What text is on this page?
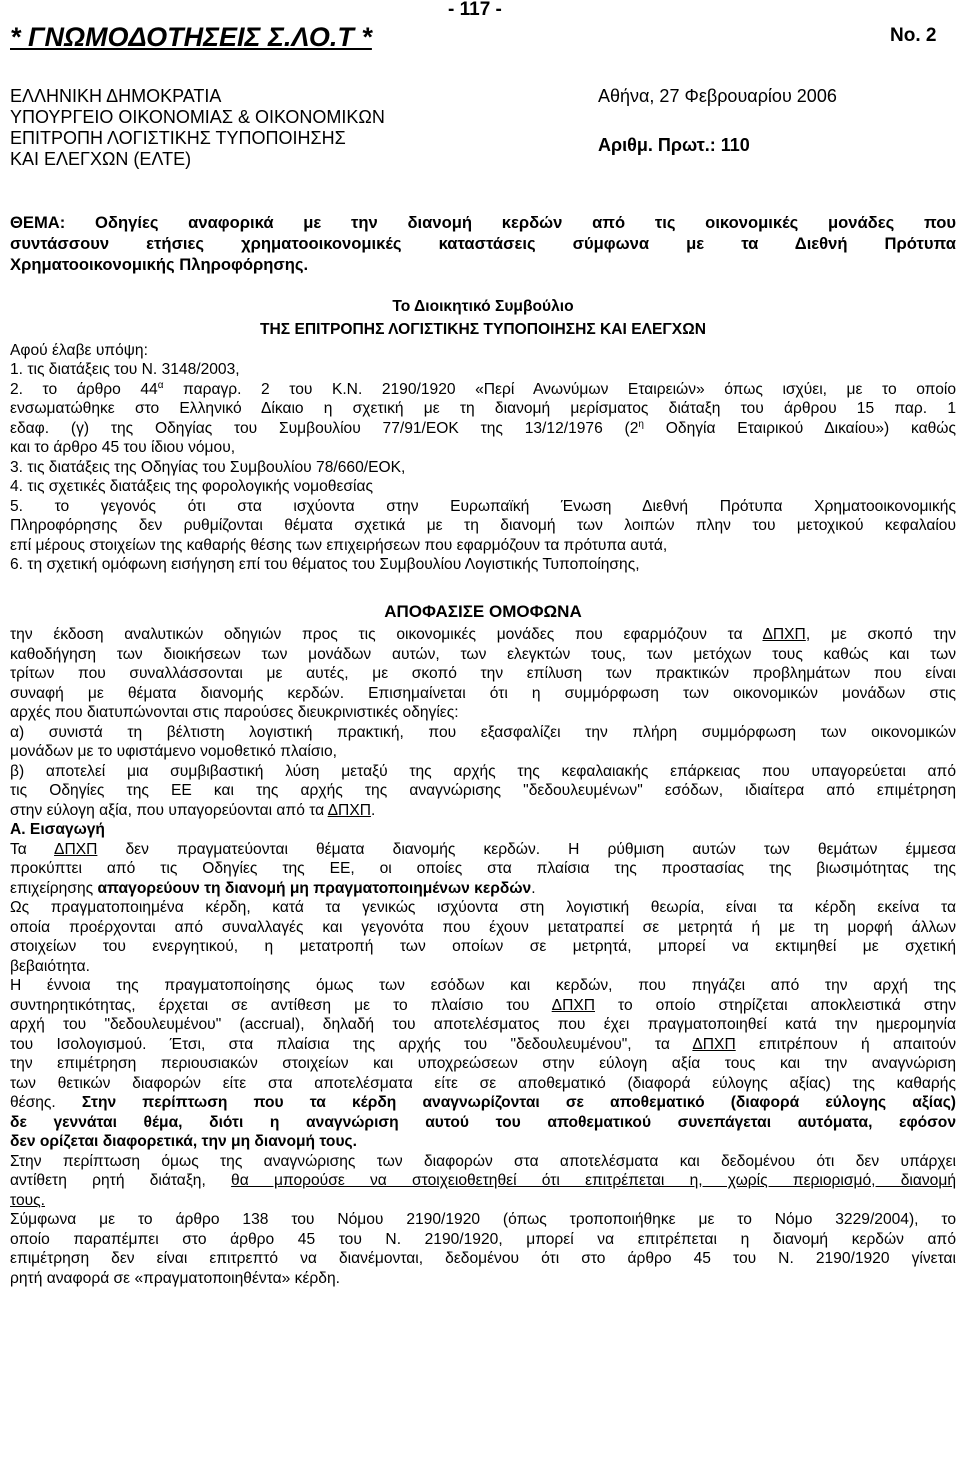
- 117 -
* ΓΝΩΜΟΔΟΤΗΣΕΙΣ Σ.ΛΟ.Τ *	No. 2
ΕΛΛΗΝΙΚΗ ΔΗΜΟΚΡΑΤΙΑ
ΥΠΟΥΡΓΕΙΟ ΟΙΚΟΝΟΜΙΑΣ & ΟΙΚΟΝΟΜΙΚΩΝ
ΕΠΙΤΡΟΠΗ ΛΟΓΙΣΤΙΚΗΣ ΤΥΠΟΠΟΙΗΣΗΣ
ΚΑΙ ΕΛΕΓΧΩΝ (ΕΛΤΕ)
Αθήνα, 27 Φεβρουαρίου 2006
Αριθμ. Πρωτ.: 110
ΘΕΜΑ: Οδηγίες αναφορικά με την διανομή κερδών από τις οικονομικές μονάδες που
συντάσσουν ετήσιες χρηματοοικονομικές καταστάσεις σύμφωνα με τα Διεθνή Πρότυπα
Χρηματοοικονομικής Πληροφόρησης.
Το Διοικητικό Συμβούλιο
ΤΗΣ ΕΠΙΤΡΟΠΗΣ ΛΟΓΙΣΤΙΚΗΣ ΤΥΠΟΠΟΙΗΣΗΣ ΚΑΙ ΕΛΕΓΧΩΝ
Αφού έλαβε υπόψη:
1. τις διατάξεις του Ν. 3148/2003,
2. το άρθρο $44^\alpha$ παραγρ. 2 του Κ.Ν. 2190/1920 «Περί Ανωνύμων Εταιρειών» όπως ισχύει, με το οποίο
ενσωματώθηκε στο Ελληνικό Δίκαιο η σχετική με τη διανομή μερίσματος διάταξη του άρθρου 15 παρ. 1
εδαφ. (γ) της Οδηγίας του Συμβουλίου 77/91/ΕΟΚ της 13/12/1976 ($2^\eta$ Οδηγία Εταιρικού Δικαίου») καθώς
και το άρθρο 45 του ίδιου νόμου,
3. τις διατάξεις της Οδηγίας του Συμβουλίου 78/660/ΕΟΚ,
4. τις σχετικές διατάξεις της φορολογικής νομοθεσίας
5. το γεγονός ότι στα ισχύοντα στην Ευρωπαϊκή Ένωση Διεθνή Πρότυπα Χρηματοοικονομικής
Πληροφόρησης δεν ρυθμίζονται θέματα σχετικά με τη διανομή των λοιπών πλην του μετοχικού κεφαλαίου
επί μέρους στοιχείων της καθαρής θέσης των επιχειρήσεων που εφαρμόζουν τα πρότυπα αυτά,
6. τη σχετική ομόφωνη εισήγηση επί του θέματος του Συμβουλίου Λογιστικής Τυποποίησης,
ΑΠΟΦΑΣΙΣΕ ΟΜΟΦΩΝΑ
την έκδοση αναλυτικών οδηγιών προς τις οικονομικές μονάδες που εφαρμόζουν τα ΔΠΧΠ, με σκοπό την
καθοδήγηση των διοικήσεων των μονάδων αυτών, των ελεγκτών τους, των μετόχων τους καθώς και των
τρίτων που συναλλάσσονται με αυτές, με σκοπό την επίλυση των πρακτικών προβλημάτων που είναι
συναφή με θέματα διανομής κερδών. Επισημαίνεται ότι η συμμόρφωση των οικονομικών μονάδων στις
αρχές που διατυπώνονται στις παρούσες διευκρινιστικές οδηγίες:
α) συνιστά τη βέλτιστη λογιστική πρακτική, που εξασφαλίζει την πλήρη συμμόρφωση των οικονομικών
μονάδων με το υφιστάμενο νομοθετικό πλαίσιο,
β) αποτελεί μια συμβιβαστική λύση μεταξύ της αρχής της κεφαλαιακής επάρκειας που υπαγορεύεται από
τις Οδηγίες της ΕΕ και της αρχής της αναγνώρισης "δεδουλευμένων" εσόδων, ιδιαίτερα από επιμέτρηση
στην εύλογη αξία, που υπαγορεύονται από τα ΔΠΧΠ.
Α. Εισαγωγή
Τα ΔΠΧΠ δεν πραγματεύονται θέματα διανομής κερδών. Η ρύθμιση αυτών των θεμάτων έμμεσα
προκύπτει από τις Οδηγίες της ΕΕ, οι οποίες στα πλαίσια της προστασίας της βιωσιμότητας της
επιχείρησης απαγορεύουν τη διανομή μη πραγματοποιημένων κερδών.
Ως πραγματοποιημένα κέρδη, κατά τα γενικώς ισχύοντα στη λογιστική θεωρία, είναι τα κέρδη εκείνα τα
οποία προέρχονται από συναλλαγές και γεγονότα που έχουν μετατραπεί σε μετρητά ή με τη μορφή άλλων
στοιχείων του ενεργητικού, η μετατροπή των οποίων σε μετρητά, μπορεί να εκτιμηθεί με σχετική
βεβαιότητα.
Η έννοια της πραγματοποίησης όμως των εσόδων και κερδών, που πηγάζει από την αρχή της
συντηρητικότητας, έρχεται σε αντίθεση με το πλαίσιο του ΔΠΧΠ το οποίο στηρίζεται αποκλειστικά στην
αρχή του "δεδουλευμένου" (accrual), δηλαδή του αποτελέσματος που έχει πραγματοποιηθεί κατά την ημερομηνία
του Ισολογισμού. Έτσι, στα πλαίσια της αρχής του "δεδουλευμένου", τα ΔΠΧΠ επιτρέπουν ή απαιτούν
την επιμέτρηση περιουσιακών στοιχείων και υποχρεώσεων στην εύλογη αξία τους και την αναγνώριση
των θετικών διαφορών είτε στα αποτελέσματα είτε σε αποθεματικό (διαφορά εύλογης αξίας) της καθαρής
θέσης. Στην περίπτωση που τα κέρδη αναγνωρίζονται σε αποθεματικό (διαφορά εύλογης αξίας)
δε γεννάται θέμα, διότι η αναγνώριση αυτού του αποθεματικού συνεπάγεται αυτόματα, εφόσον
δεν ορίζεται διαφορετικά, την μη διανομή τους.
Στην περίπτωση όμως της αναγνώρισης των διαφορών στα αποτελέσματα και δεδομένου ότι δεν υπάρχει
αντίθετη ρητή διάταξη, θα μπορούσε να στοιχειοθετηθεί ότι επιτρέπεται η, χωρίς περιορισμό, διανομή
τους.
Σύμφωνα με το άρθρο 138 του Νόμου 2190/1920 (όπως τροποποιήθηκε με το Νόμο 3229/2004), το
οποίο παραπέμπει στο άρθρο 45 του Ν. 2190/1920, μπορεί να επιτρέπεται η διανομή κερδών από
επιμέτρηση δεν είναι επιτρεπτό να διανέμονται, δεδομένου ότι στο άρθρο 45 του Ν. 2190/1920 γίνεται
ρητή αναφορά σε «πραγματοποιηθέντα» κέρδη.
